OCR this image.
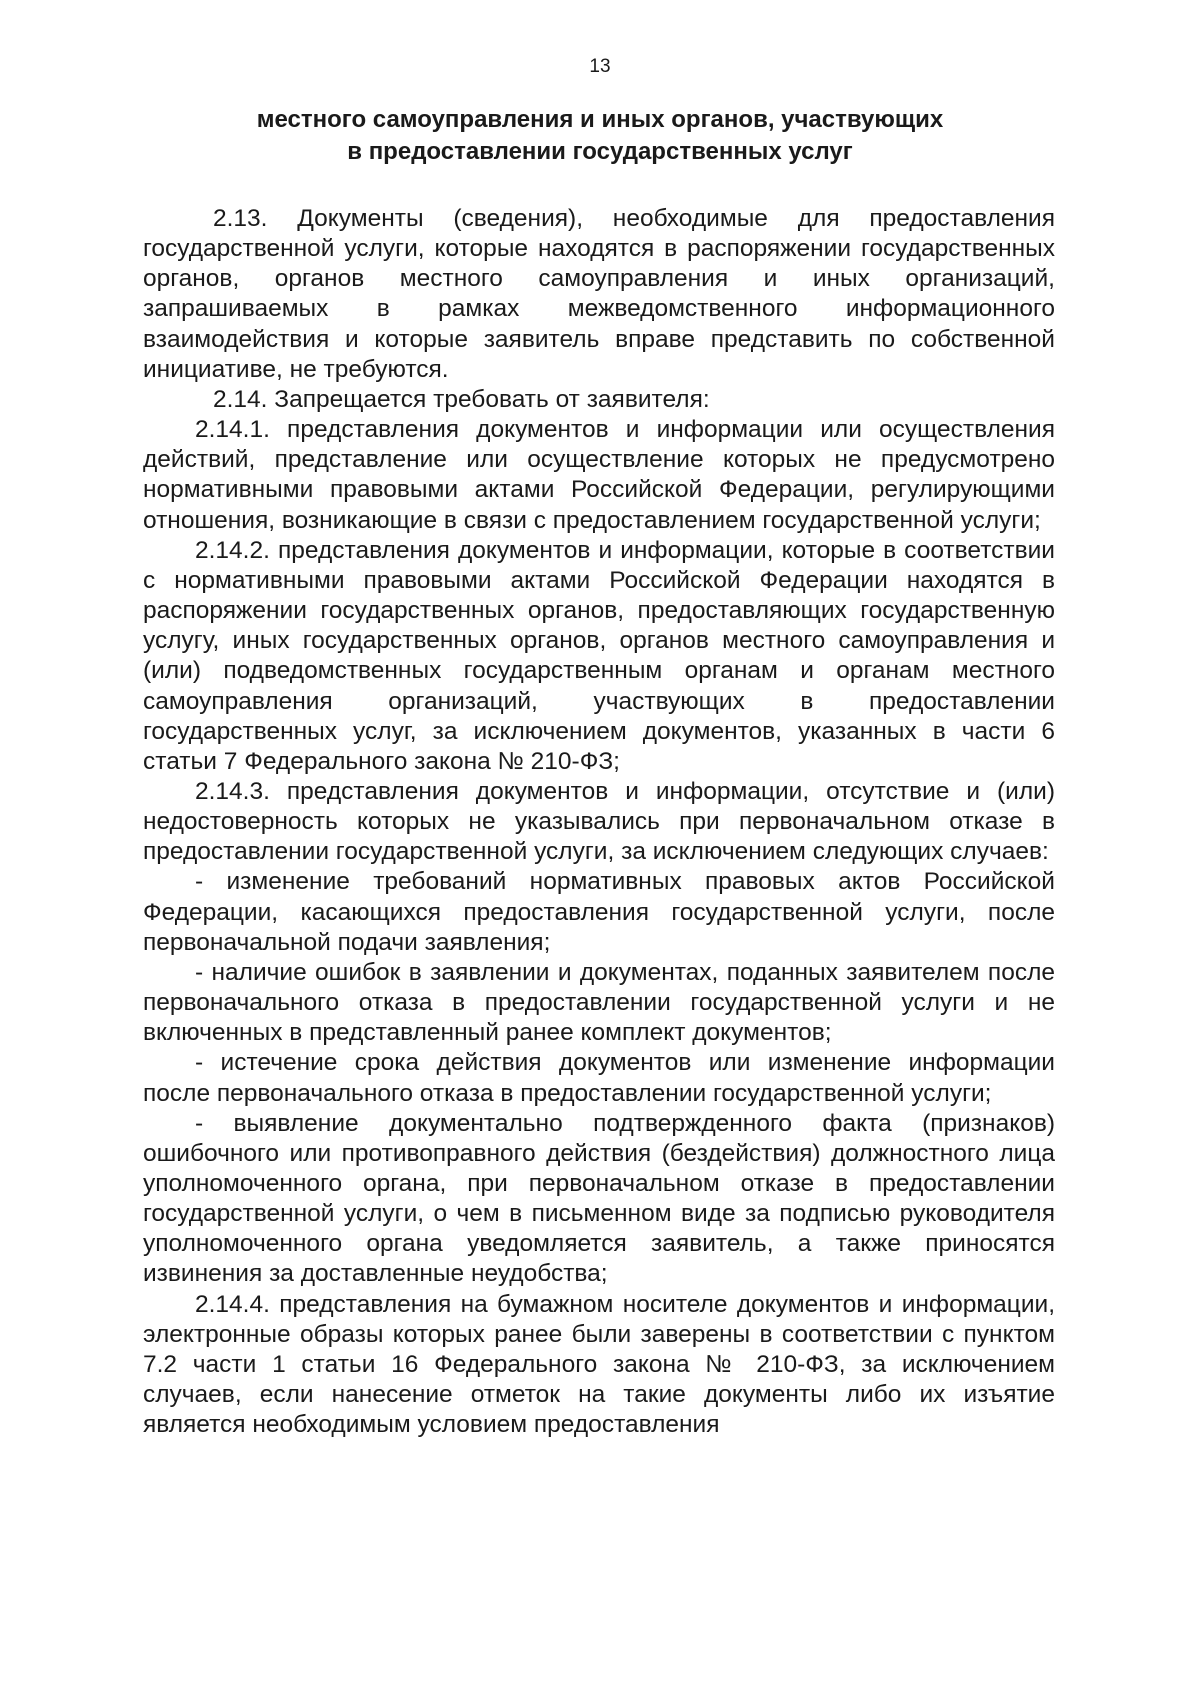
13
местного самоуправления и иных органов, участвующих
в предоставлении государственных услуг

2.13. Документы (сведения), необходимые для предоставления государственной услуги, которые находятся в распоряжении государственных органов, органов местного самоуправления и иных организаций, запрашиваемых в рамках межведомственного информационного взаимодействия и которые заявитель вправе представить по собственной инициативе, не требуются.

2.14. Запрещается требовать от заявителя:

2.14.1. представления документов и информации или осуществления действий, представление или осуществление которых не предусмотрено нормативными правовыми актами Российской Федерации, регулирующими отношения, возникающие в связи с предоставлением государственной услуги;

2.14.2. представления документов и информации, которые в соответствии с нормативными правовыми актами Российской Федерации находятся в распоряжении государственных органов, предоставляющих государственную услугу, иных государственных органов, органов местного самоуправления и (или) подведомственных государственным органам и органам местного самоуправления организаций, участвующих в предоставлении государственных услуг, за исключением документов, указанных в части 6 статьи 7 Федерального закона № 210-ФЗ;

2.14.3. представления документов и информации, отсутствие и (или) недостоверность которых не указывались при первоначальном отказе в предоставлении государственной услуги, за исключением следующих случаев:

- изменение требований нормативных правовых актов Российской Федерации, касающихся предоставления государственной услуги, после первоначальной подачи заявления;

- наличие ошибок в заявлении и документах, поданных заявителем после первоначального отказа в предоставлении государственной услуги и не включенных в представленный ранее комплект документов;

- истечение срока действия документов или изменение информации после первоначального отказа в предоставлении государственной услуги;

- выявление документально подтвержденного факта (признаков) ошибочного или противоправного действия (бездействия) должностного лица уполномоченного органа, при первоначальном отказе в предоставлении государственной услуги, о чем в письменном виде за подписью руководителя уполномоченного органа уведомляется заявитель, а также приносятся извинения за доставленные неудобства;

2.14.4. представления на бумажном носителе документов и информации, электронные образы которых ранее были заверены в соответствии с пунктом 7.2 части 1 статьи 16 Федерального закона № 210-ФЗ, за исключением случаев, если нанесение отметок на такие документы либо их изъятие является необходимым условием предоставления
